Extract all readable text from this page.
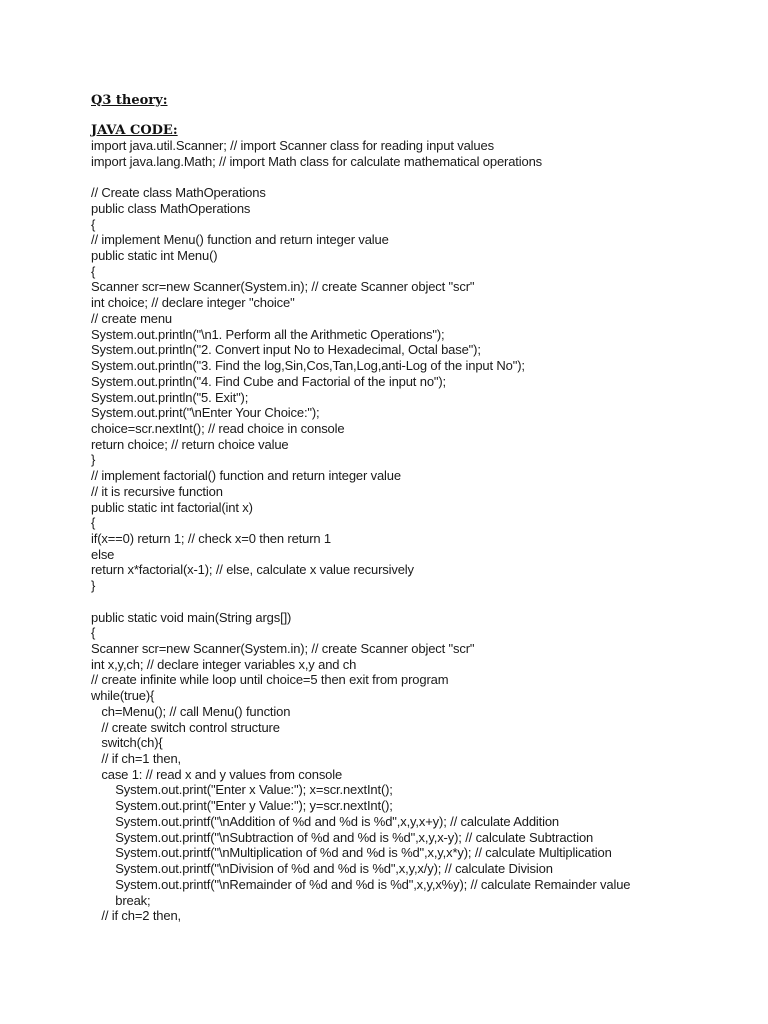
Q3 theory:
JAVA CODE:
import java.util.Scanner; // import Scanner class for reading input values
import java.lang.Math; // import Math class for calculate mathematical operations
// Create class MathOperations
public class MathOperations
{
// implement Menu() function and return integer value
public static int Menu()
{
Scanner scr=new Scanner(System.in); // create Scanner object "scr"
int choice; // declare integer "choice"
// create menu
System.out.println("\n1. Perform all the Arithmetic Operations");
System.out.println("2. Convert input No to Hexadecimal, Octal base");
System.out.println("3. Find the log,Sin,Cos,Tan,Log,anti-Log of the input No");
System.out.println("4. Find Cube and Factorial of the input no");
System.out.println("5. Exit");
System.out.print("\nEnter Your Choice:");
choice=scr.nextInt(); // read choice in console
return choice; // return choice value
}
// implement factorial() function and return integer value
// it is recursive function
public static int factorial(int x)
{
if(x==0) return 1; // check x=0 then return 1
else
return x*factorial(x-1); // else, calculate x value recursively
}
public static void main(String args[])
{
Scanner scr=new Scanner(System.in); // create Scanner object "scr"
int x,y,ch; // declare integer variables x,y and ch
// create infinite while loop until choice=5 then exit from program
while(true){
ch=Menu(); // call Menu() function
// create switch control structure
switch(ch){
// if ch=1 then,
case 1: // read x and y values from console
System.out.print("Enter x Value:"); x=scr.nextInt();
System.out.print("Enter y Value:"); y=scr.nextInt();
System.out.printf("\nAddition of %d and %d is %d",x,y,x+y); // calculate Addition
System.out.printf("\nSubtraction of %d and %d is %d",x,y,x-y); // calculate Subtraction
System.out.printf("\nMultiplication of %d and %d is %d",x,y,x*y); // calculate Multiplication
System.out.printf("\nDivision of %d and %d is %d",x,y,x/y); // calculate Division
System.out.printf("\nRemainder of %d and %d is %d",x,y,x%y); // calculate Remainder value
break;
// if ch=2 then,
